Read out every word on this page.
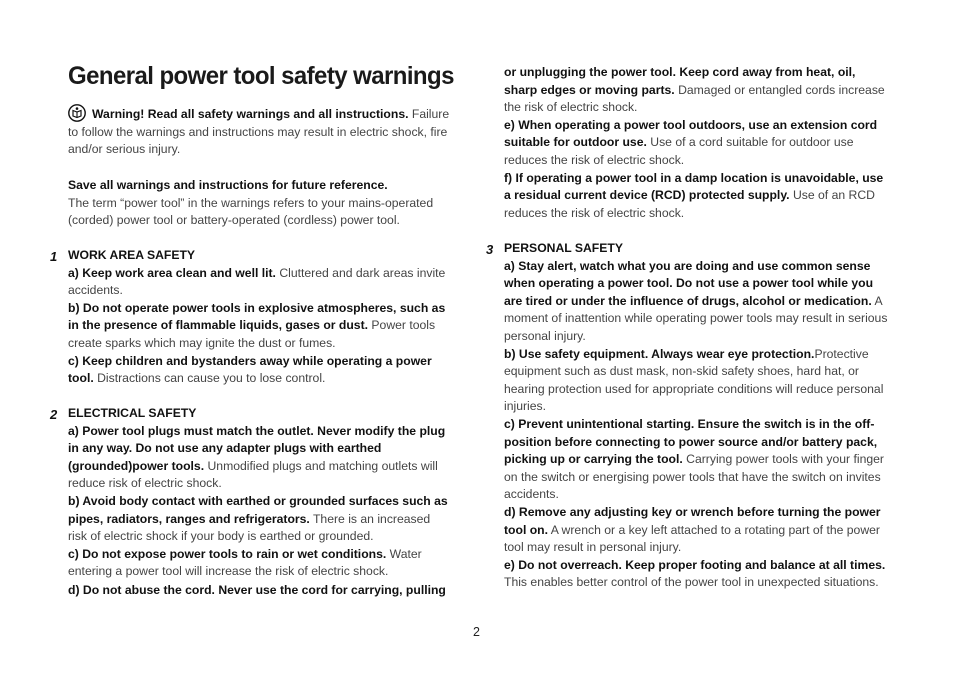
General power tool safety warnings

Warning! Read all safety warnings and all instructions. Failure to follow the warnings and instructions may result in electric shock, fire and/or serious injury.

Save all warnings and instructions for future reference.

The term “power tool” in the warnings refers to your mains-operated (corded) power tool or battery-operated (cordless) power tool.

1 WORK AREA SAFETY

a) Keep work area clean and well lit. Cluttered and dark areas invite accidents.

b) Do not operate power tools in explosive atmospheres, such as in the presence of flammable liquids, gases or dust. Power tools create sparks which may ignite the dust or fumes.

c) Keep children and bystanders away while operating a power tool. Distractions can cause you to lose control.

2 ELECTRICAL SAFETY

a) Power tool plugs must match the outlet. Never modify the plug in any way. Do not use any adapter plugs with earthed (grounded)power tools. Unmodified plugs and matching outlets will reduce risk of electric shock.

b) Avoid body contact with earthed or grounded surfaces such as pipes, radiators, ranges and refrigerators. There is an increased risk of electric shock if your body is earthed or grounded.

c) Do not expose power tools to rain or wet conditions. Water entering a power tool will increase the risk of electric shock.

d) Do not abuse the cord. Never use the cord for carrying, pulling

or unplugging the power tool. Keep cord away from heat, oil, sharp edges or moving parts. Damaged or entangled cords increase the risk of electric shock.

e) When operating a power tool outdoors, use an extension cord suitable for outdoor use. Use of a cord suitable for outdoor use reduces the risk of electric shock.

f) If operating a power tool in a damp location is unavoidable, use a residual current device (RCD) protected supply. Use of an RCD reduces the risk of electric shock.

3 PERSONAL SAFETY

a) Stay alert, watch what you are doing and use common sense when operating a power tool. Do not use a power tool while you are tired or under the influence of drugs, alcohol or medication. A moment of inattention while operating power tools may result in serious personal injury.

b) Use safety equipment. Always wear eye protection.Protective equipment such as dust mask, non-skid safety shoes, hard hat, or hearing protection used for appropriate conditions will reduce personal injuries.

c) Prevent unintentional starting. Ensure the switch is in the off-position before connecting to power source and/or battery pack, picking up or carrying the tool. Carrying power tools with your finger on the switch or energising power tools that have the switch on invites accidents.

d) Remove any adjusting key or wrench before turning the power tool on. A wrench or a key left attached to a rotating part of the power tool may result in personal injury.

e) Do not overreach. Keep proper footing and balance at all times. This enables better control of the power tool in unexpected situations.

2
